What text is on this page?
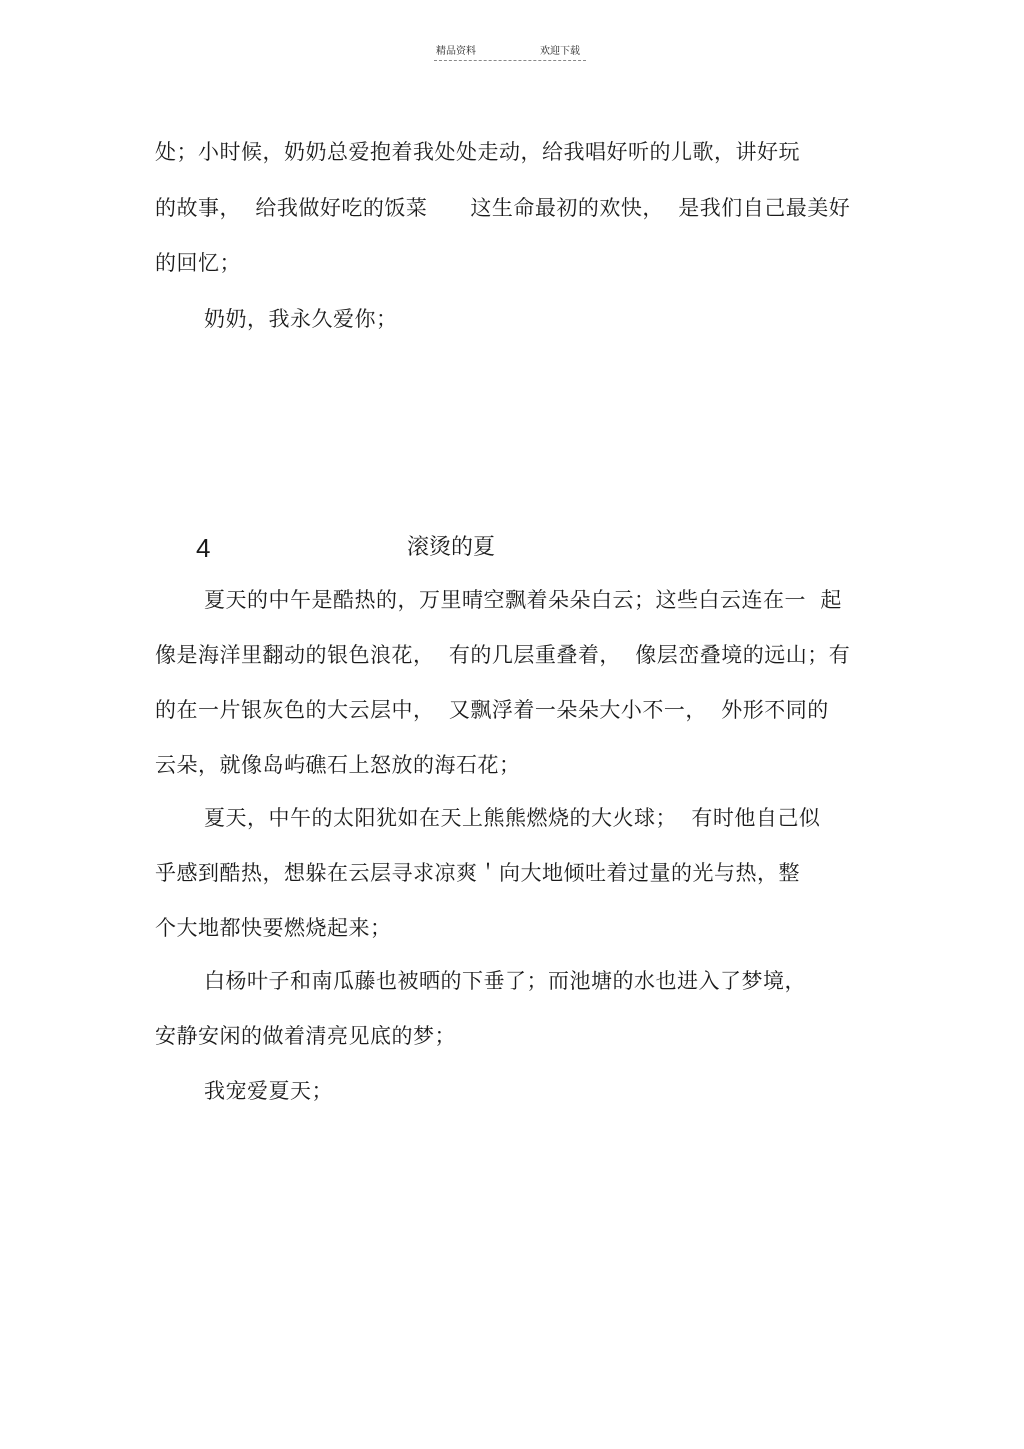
精品资料	欢迎下载
处；小时候，奶奶总爱抱着我处处走动，给我唱好听的儿歌，讲好玩
的故事，  给我做好吃的饭菜      这生命最初的欢快，  是我们自己最美好
的回忆；
奶奶，我永久爱你；
4	滚烫的夏
夏天的中午是酷热的，万里晴空飘着朵朵白云；这些白云连在一  起
像是海洋里翻动的银色浪花，  有的几层重叠着，  像层峦叠境的远山；有
的在一片银灰色的大云层中，  又飘浮着一朵朵大小不一，  外形不同的
云朵，就像岛屿礁石上怒放的海石花；
夏天，中午的太阳犹如在天上熊熊燃烧的大火球；  有时他自己似
乎感到酷热，想躲在云层寻求凉爽＇向大地倾吐着过量的光与热，整
个大地都快要燃烧起来；
白杨叶子和南瓜藤也被晒的下垂了；而池塘的水也进入了梦境，
安静安闲的做着清亮见底的梦；
我宠爱夏天；
